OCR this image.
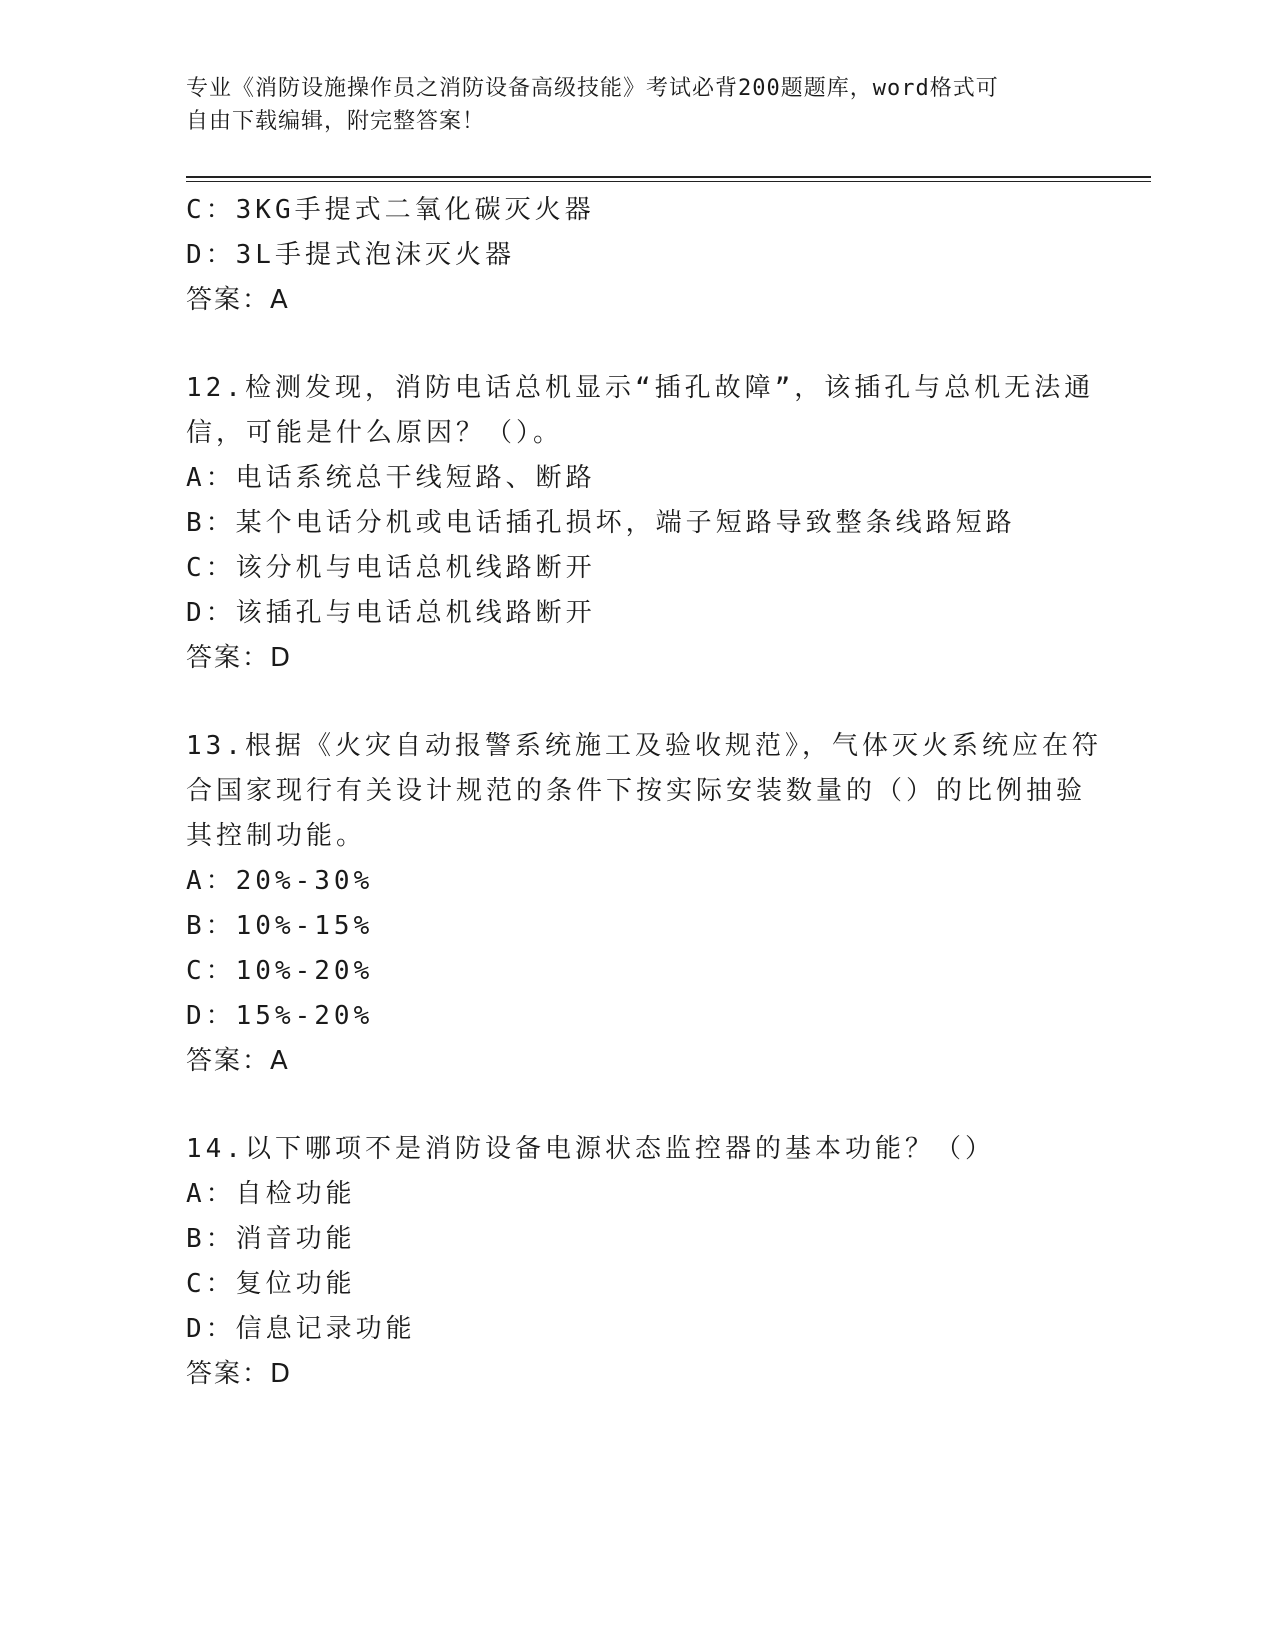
专业《消防设施操作员之消防设备高级技能》考试必背200题题库，word格式可
自由下载编辑，附完整答案！
C：3KG手提式二氧化碳灭火器
D：3L手提式泡沫灭火器
答案：A
12.检测发现，消防电话总机显示“插孔故障”，该插孔与总机无法通
信，可能是什么原因？（）。
A：电话系统总干线短路、断路
B：某个电话分机或电话插孔损坏，端子短路导致整条线路短路
C：该分机与电话总机线路断开
D：该插孔与电话总机线路断开
答案：D
13.根据《火灾自动报警系统施工及验收规范》，气体灭火系统应在符
合国家现行有关设计规范的条件下按实际安装数量的（）的比例抽验
其控制功能。
A：20%-30%
B：10%-15%
C：10%-20%
D：15%-20%
答案：A
14.以下哪项不是消防设备电源状态监控器的基本功能？（）
A：自检功能
B：消音功能
C：复位功能
D：信息记录功能
答案：D
